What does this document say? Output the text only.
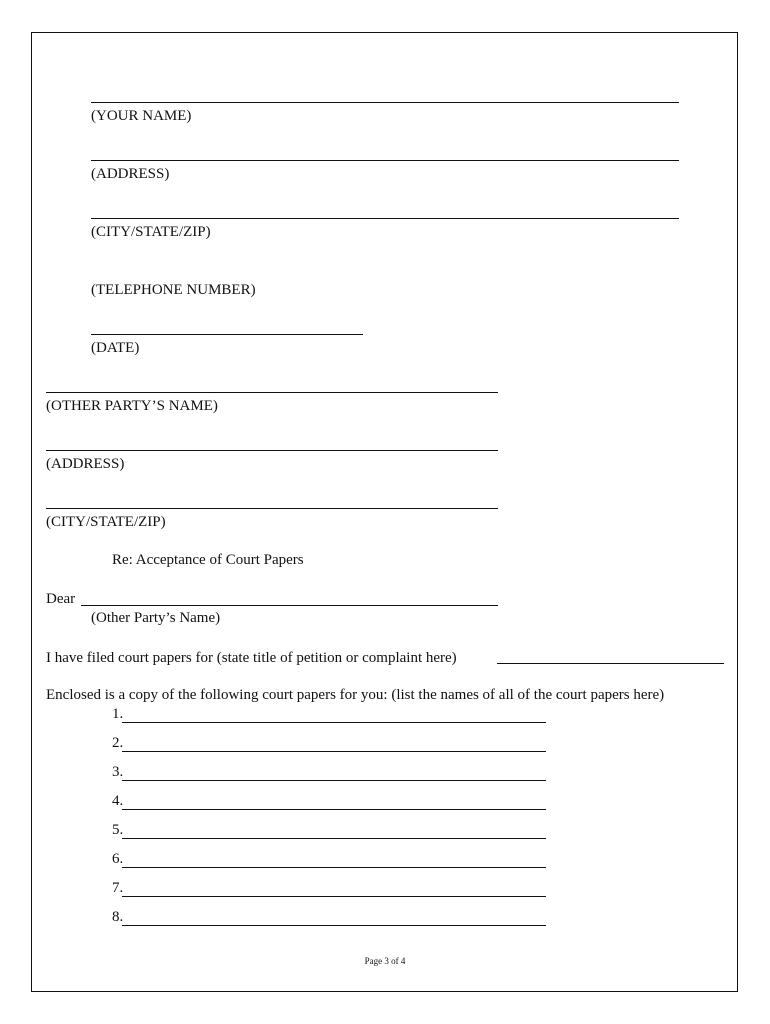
(YOUR NAME)
(ADDRESS)
(CITY/STATE/ZIP)
(TELEPHONE NUMBER)
(DATE)
(OTHER PARTY’S NAME)
(ADDRESS)
(CITY/STATE/ZIP)
Re: Acceptance of Court Papers
Dear
(Other Party’s Name)
I have filed court papers for (state title of petition or complaint here)
Enclosed is a copy of the following court papers for you: (list the names of all of the court papers here)
1.
2.
3.
4.
5.
6.
7.
8.
Page 3 of 4
